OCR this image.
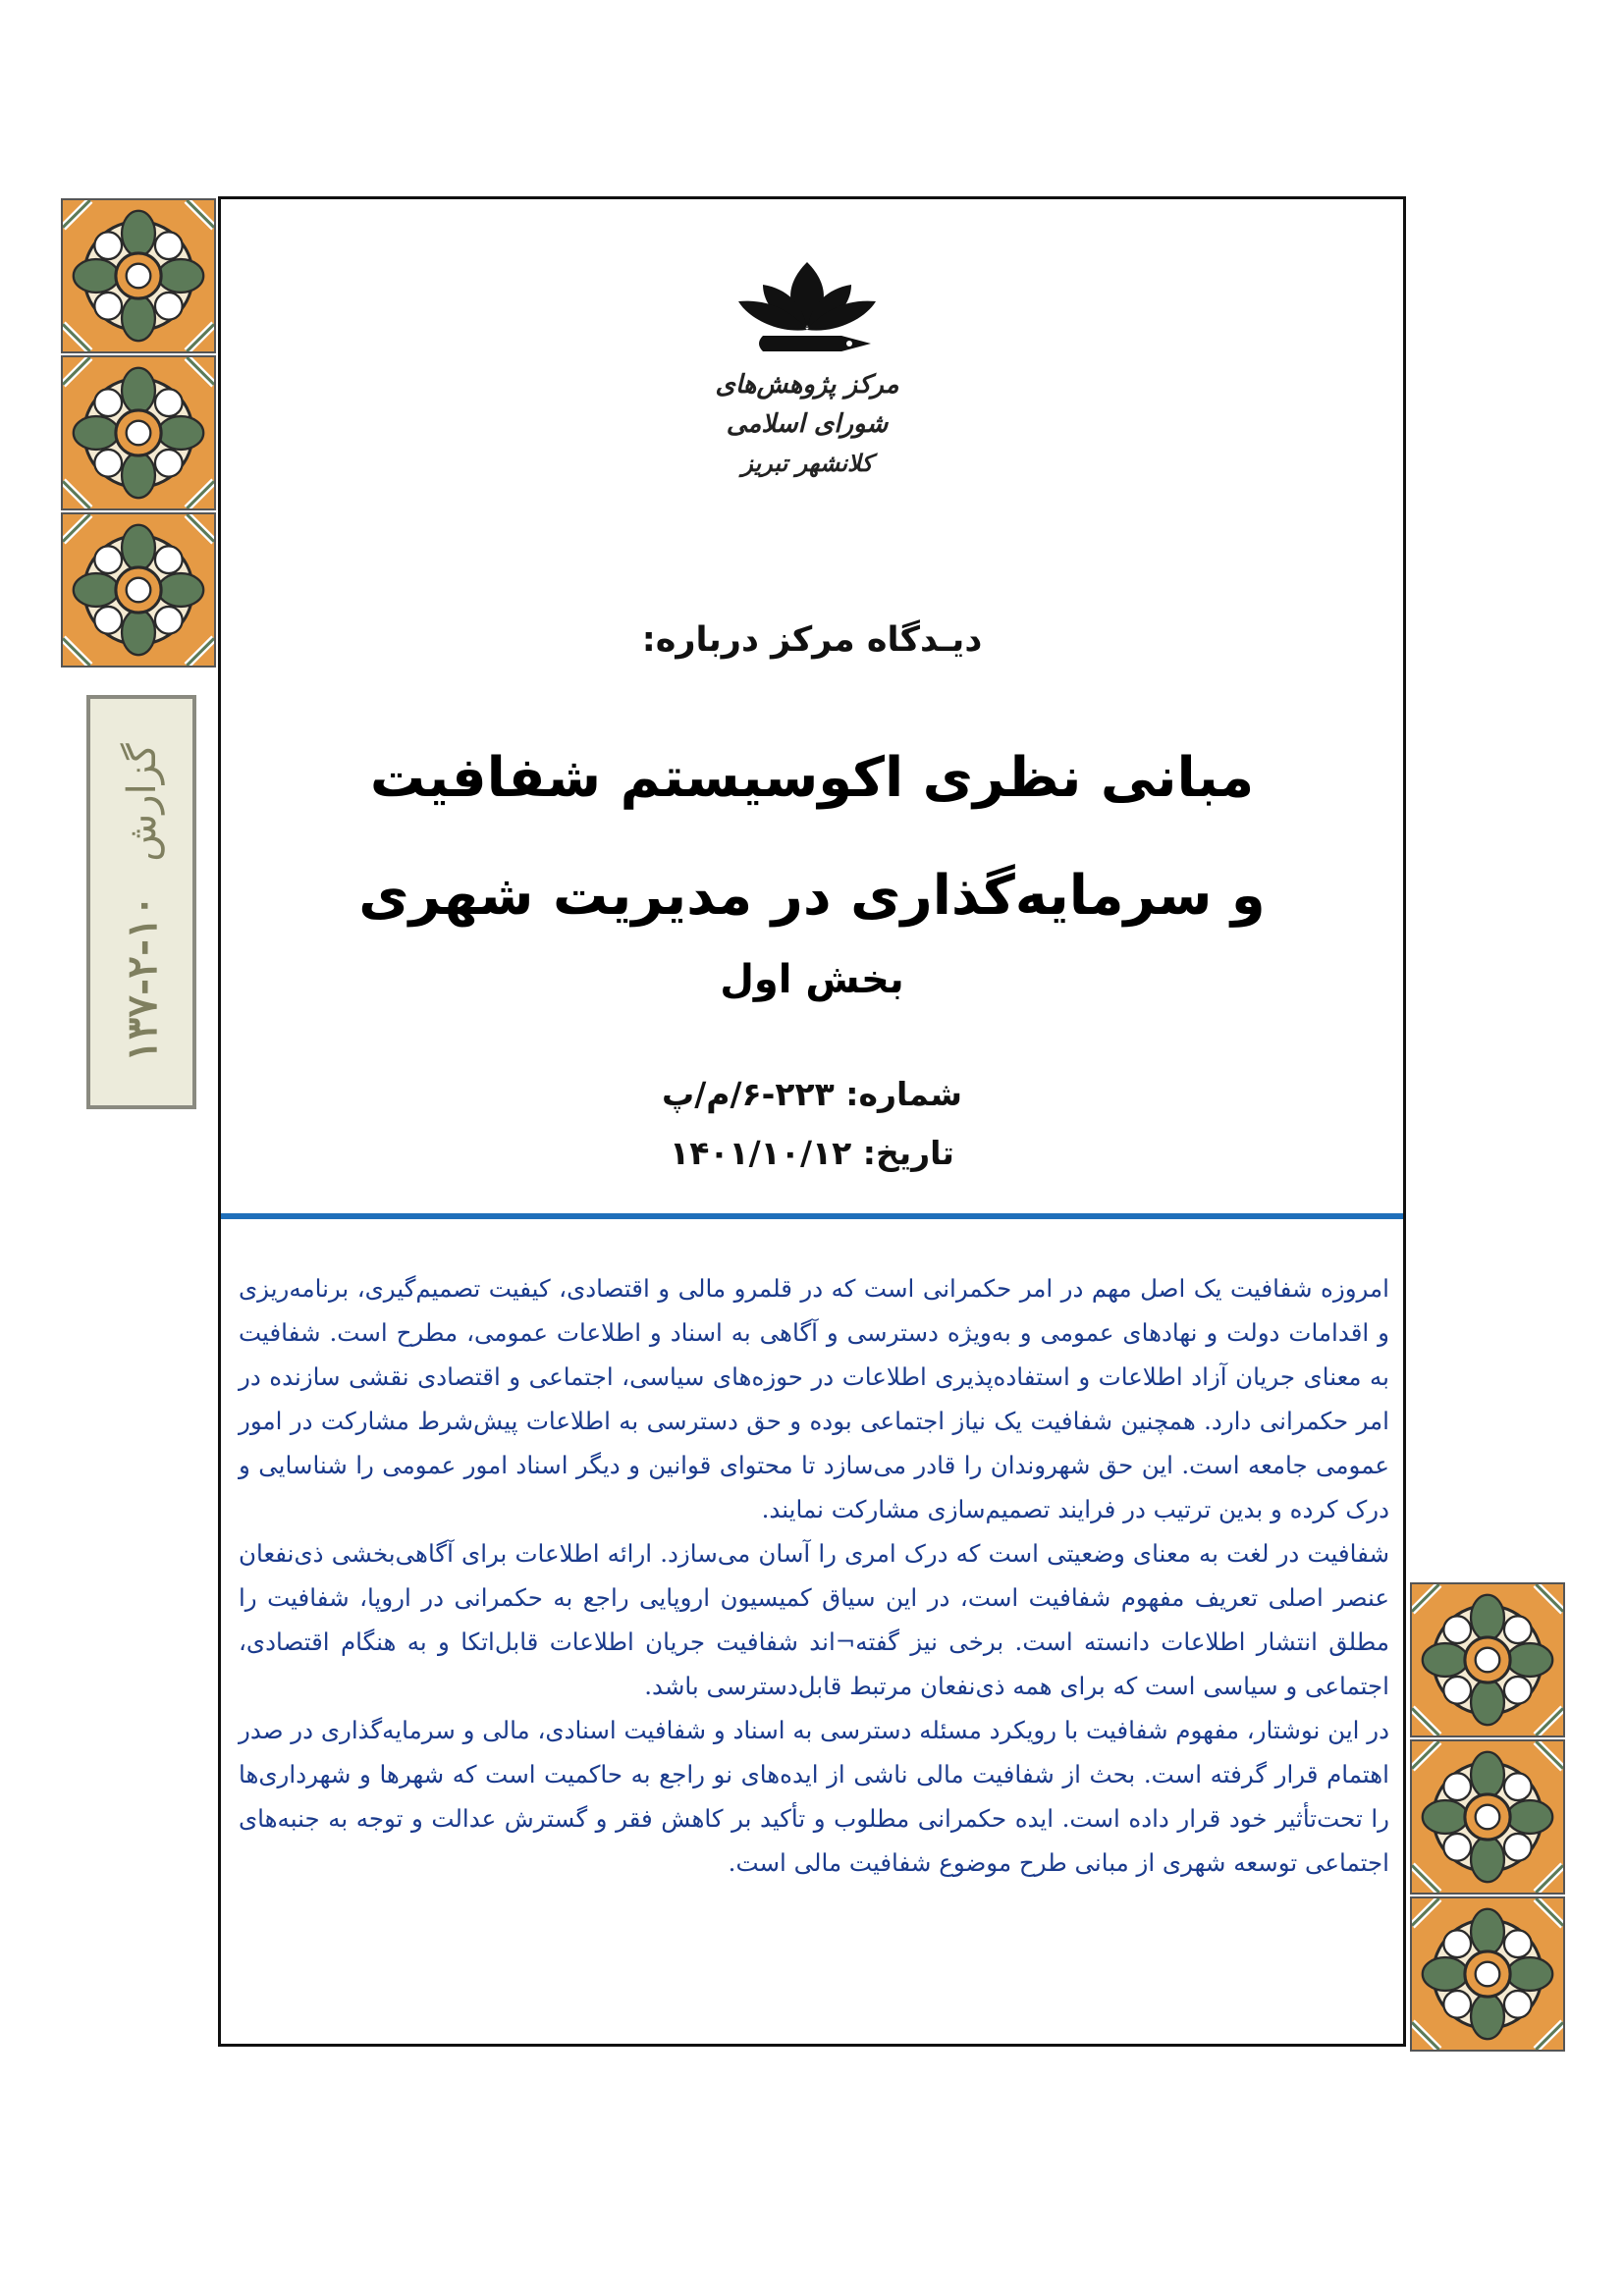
گزارش
۱۳۷-۲-۱۰
مرکز پژوهش‌های شورای اسلامی
کلانشهر تبریز
دیـدگاه مرکز درباره:
مبانی نظری اکوسیستم شفافیت
و سرمایه‌گذاری در مدیریت شهری
بخش اول
شماره: ۲۲۳-۶/م/پ
تاریخ: ۱۴۰۱/۱۰/۱۲

امروزه شفافیت یک اصل مهم در امر حکمرانی است که در قلمرو مالی و اقتصادی، کیفیت تصمیم‌گیری، برنامه‌ریزی و اقدامات دولت و نهادهای عمومی و به‌ویژه دسترسی و آگاهی به اسناد و اطلاعات عمومی، مطرح است. شفافیت به معنای جریان آزاد اطلاعات و استفاده‌پذیری اطلاعات در حوزه‌های سیاسی، اجتماعی و اقتصادی نقشی سازنده در امر حکمرانی دارد. همچنین شفافیت یک نیاز اجتماعی بوده و حق دسترسی به اطلاعات پیش‌شرط مشارکت در امور عمومی جامعه است. این حق شهروندان را قادر می‌سازد تا محتوای قوانین و دیگر اسناد امور عمومی را شناسایی و درک کرده و بدین ترتیب در فرایند تصمیم‌سازی مشارکت نمایند.

شفافیت در لغت به معنای وضعیتی است که درک امری را آسان می‌سازد. ارائه اطلاعات برای آگاهی‌بخشی ذی‌نفعان عنصر اصلی تعریف مفهوم شفافیت است، در این سیاق کمیسیون اروپایی راجع به حکمرانی در اروپا، شفافیت را مطلق انتشار اطلاعات دانسته است. برخی نیز گفته¬اند شفافیت جریان اطلاعات قابل‌اتکا و به هنگام اقتصادی، اجتماعی و سیاسی است که برای همه ذی‌نفعان مرتبط قابل‌دسترسی باشد.

در این نوشتار، مفهوم شفافیت با رویکرد مسئله دسترسی به اسناد و شفافیت اسنادی، مالی و سرمایه‌گذاری در صدر اهتمام قرار گرفته است. بحث از شفافیت مالی ناشی از ایده‌های نو راجع به حاکمیت است که شهرها و شهرداری‌ها را تحت‌تأثیر خود قرار داده است. ایده حکمرانی مطلوب و تأکید بر کاهش فقر و گسترش عدالت و توجه به جنبه‌های اجتماعی توسعه شهری از مبانی طرح موضوع شفافیت مالی است.
